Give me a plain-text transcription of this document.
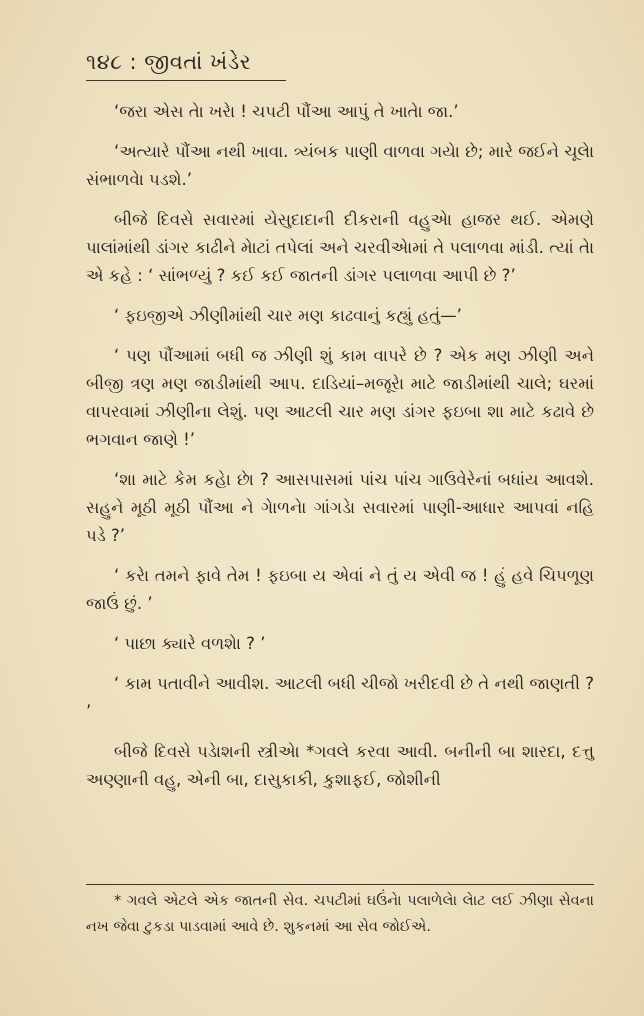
૧૪૮ : જીવતાં ખંડેર

‘જરા એસ તેા ખરેા ! ચપટી પૌંઆ આપું તે ખાતેા જા.’

‘અત્યારે પૌંઆ નથી ખાવા. ત્ર્યંબક પાણી વાળવા ગયેા છે; મારે જઈને ચૂલેા સંભાળવેા પડશે.’

બીજે દિવસે સવારમાં યેસુદાદાની દીકરાની વહુએા હાજર થઈ. એમણે પાલાંમાંથી ડાંગર કાઢીને મેાટાં તપેલાં અને ચરવીએામાં તે પલાળવા માંડી. ત્યાં તેા એ કહે : ‘ સાંભળ્યું ? કઈ કઈ જાતની ડાંગર પલાળવા આપી છે ?’

‘ ફઇજીએ ઝીણીમાંથી ચાર મણ કાઢવાનું કહ્યું હતું—’

‘ પણ પૌંઆમાં બધી જ ઝીણી શું કામ વાપરે છે ? એક મણ ઝીણી અને બીજી ત્રણ મણ જાડીમાંથી આપ. દાડિયાં–મજૂરેા માટે જાડીમાંથી ચાલે; ઘરમાં વાપરવામાં ઝીણીના લેશું. પણ આટલી ચાર મણ ડાંગર ફઇબા શા માટે કઢાવે છે ભગવાન જાણે !’

‘શા માટે કેમ કહેા છેા ? આસપાસમાં પાંચ પાંચ ગાઉવેરેનાં બધાંય આવશે. સહુને મૂઠી મૂઠી પૌંઆ ને ગેાળનેા ગાંગડેા સવારમાં પાણી-આધાર આપવાં નહિ પડે ?’

‘ કરેા તમને ફાવે તેમ ! ફઇબા ય એવાં ને તું ય એવી જ ! હું હવે ચિપળૂણ જાઉં છું. ’

‘ પાછા ક્યારે વળશેા ? ’

‘ કામ પતાવીને આવીશ. આટલી બધી ચીજો ખરીદવી છે તે નથી જાણતી ? ’

બીજે દિવસે પડેાશની સ્ત્રીએા *ગવલે કરવા આવી. બનીની બા શારદા, દત્તુ અણ્ણાની વહુ, એની બા, દાસુકાકી, કુશાફઈ, જોશીની

* ગવલે એટલે એક જાતની સેવ. ચપટીમાં ઘઉંનેા પલાળેલેા લેાટ લઈ ઝીણા સેવના નખ જેવા ટુકડા પાડવામાં આવે છે. શુકનમાં આ સેવ જોઈએ.
